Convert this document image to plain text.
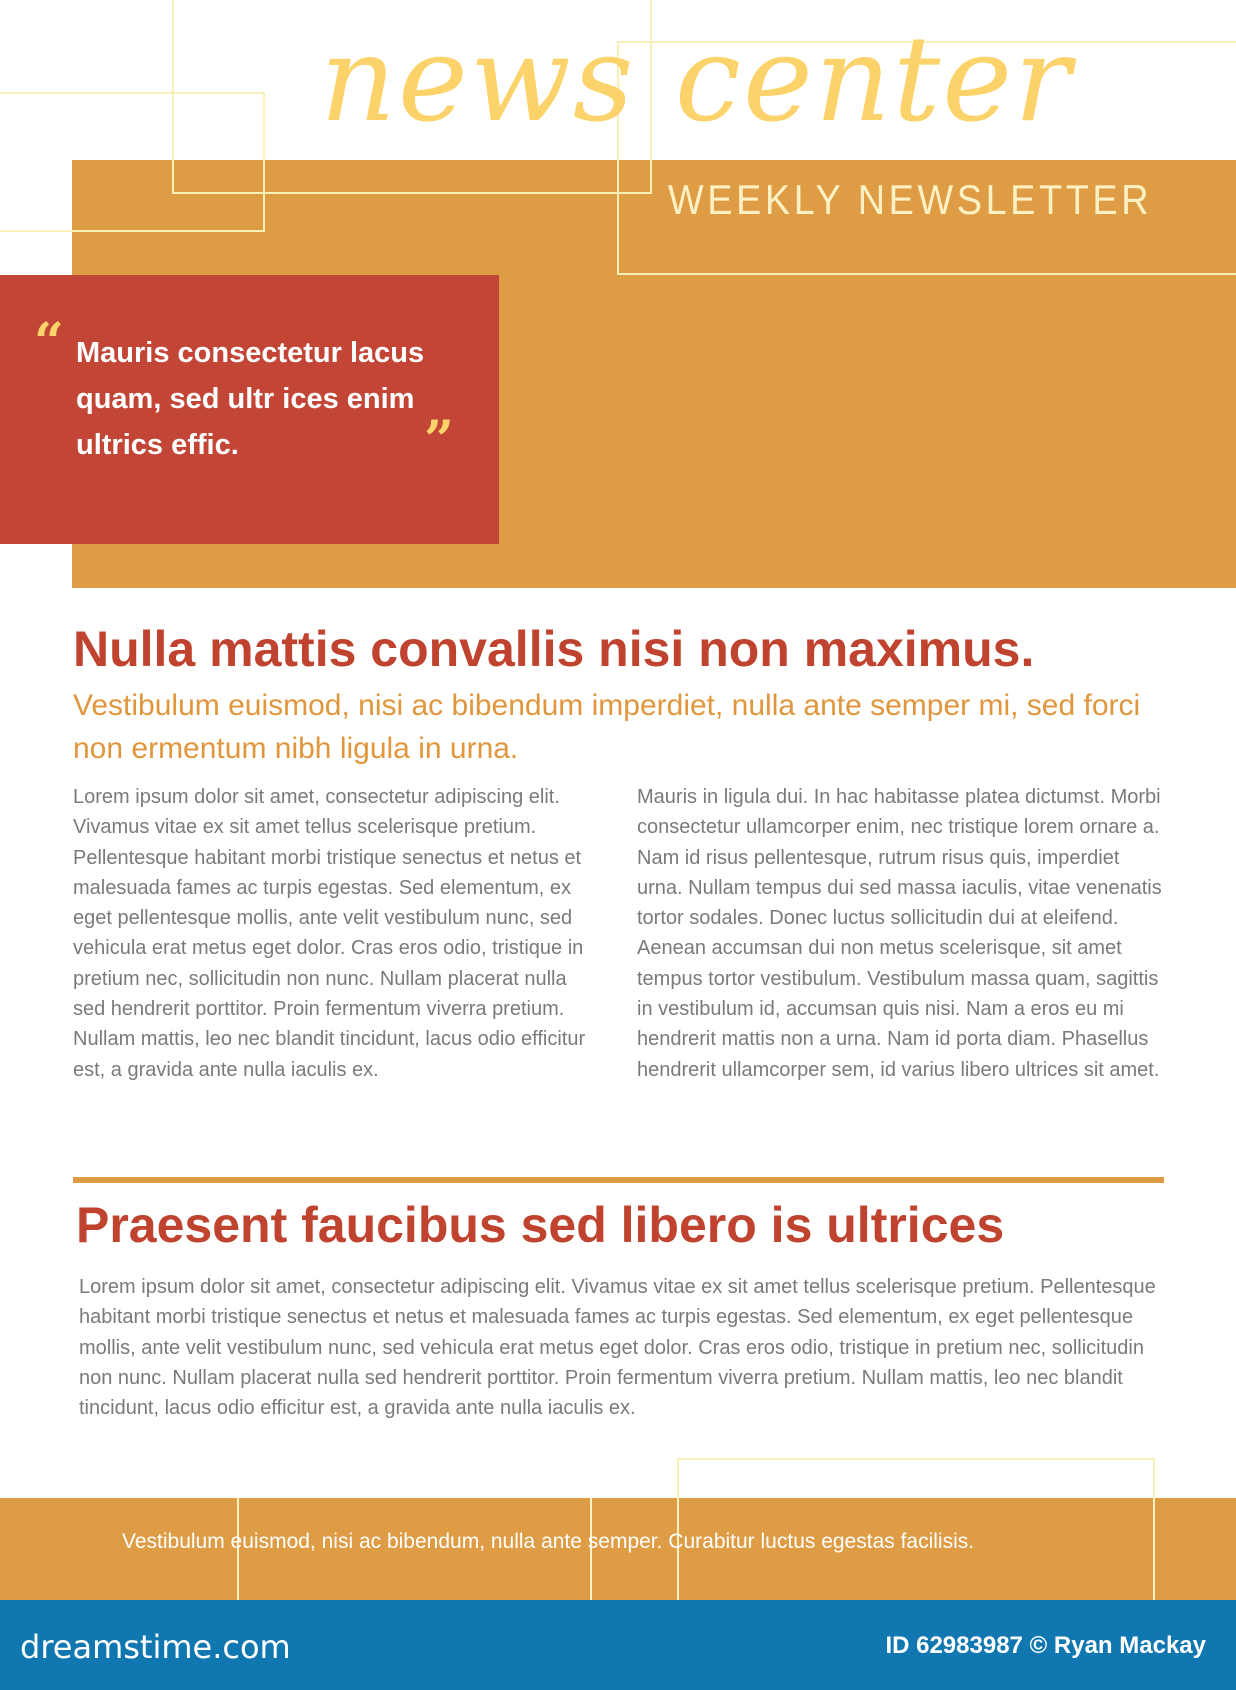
news center
WEEKLY NEWSLETTER
“ Mauris consectetur lacus quam, sed ultr ices enim ultrics effic.	”
Nulla mattis convallis nisi non maximus.
Vestibulum euismod, nisi ac bibendum imperdiet, nulla ante semper mi, sed forci non ermentum nibh ligula in urna.
Lorem ipsum dolor sit amet, consectetur adipiscing elit. Vivamus vitae ex sit amet tellus scelerisque pretium. Pellentesque habitant morbi tristique senectus et netus et malesuada fames ac turpis egestas. Sed elementum, ex eget pellentesque mollis, ante velit vestibulum nunc, sed vehicula erat metus eget dolor. Cras eros odio, tristique in pretium nec, sollicitudin non nunc. Nullam placerat nulla sed hendrerit porttitor. Proin fermentum viverra pretium. Nullam mattis, leo nec blandit tincidunt, lacus odio efficitur est, a gravida ante nulla iaculis ex.
Mauris in ligula dui. In hac habitasse platea dictumst. Morbi consectetur ullamcorper enim, nec tristique lorem ornare a. Nam id risus pellentesque, rutrum risus quis, imperdiet urna. Nullam tempus dui sed massa iaculis, vitae venenatis tortor sodales. Donec luctus sollicitudin dui at eleifend. Aenean accumsan dui non metus scelerisque, sit amet tempus tortor vestibulum. Vestibulum massa quam, sagittis in vestibulum id, accumsan quis nisi. Nam a eros eu mi hendrerit mattis non a urna. Nam id porta diam. Phasellus hendrerit ullamcorper sem, id varius libero ultrices sit amet.
Praesent faucibus sed libero is ultrices
Lorem ipsum dolor sit amet, consectetur adipiscing elit. Vivamus vitae ex sit amet tellus scelerisque pretium. Pellentesque habitant morbi tristique senectus et netus et malesuada fames ac turpis egestas. Sed elementum, ex eget pellentesque mollis, ante velit vestibulum nunc, sed vehicula erat metus eget dolor. Cras eros odio, tristique in pretium nec, sollicitudin non nunc. Nullam placerat nulla sed hendrerit porttitor. Proin fermentum viverra pretium. Nullam mattis, leo nec blandit tincidunt, lacus odio efficitur est, a gravida ante nulla iaculis ex.
Vestibulum euismod, nisi ac bibendum, nulla ante semper. Curabitur luctus egestas facilisis.
dreamstime.com	ID 62983987 © Ryan Mackay
